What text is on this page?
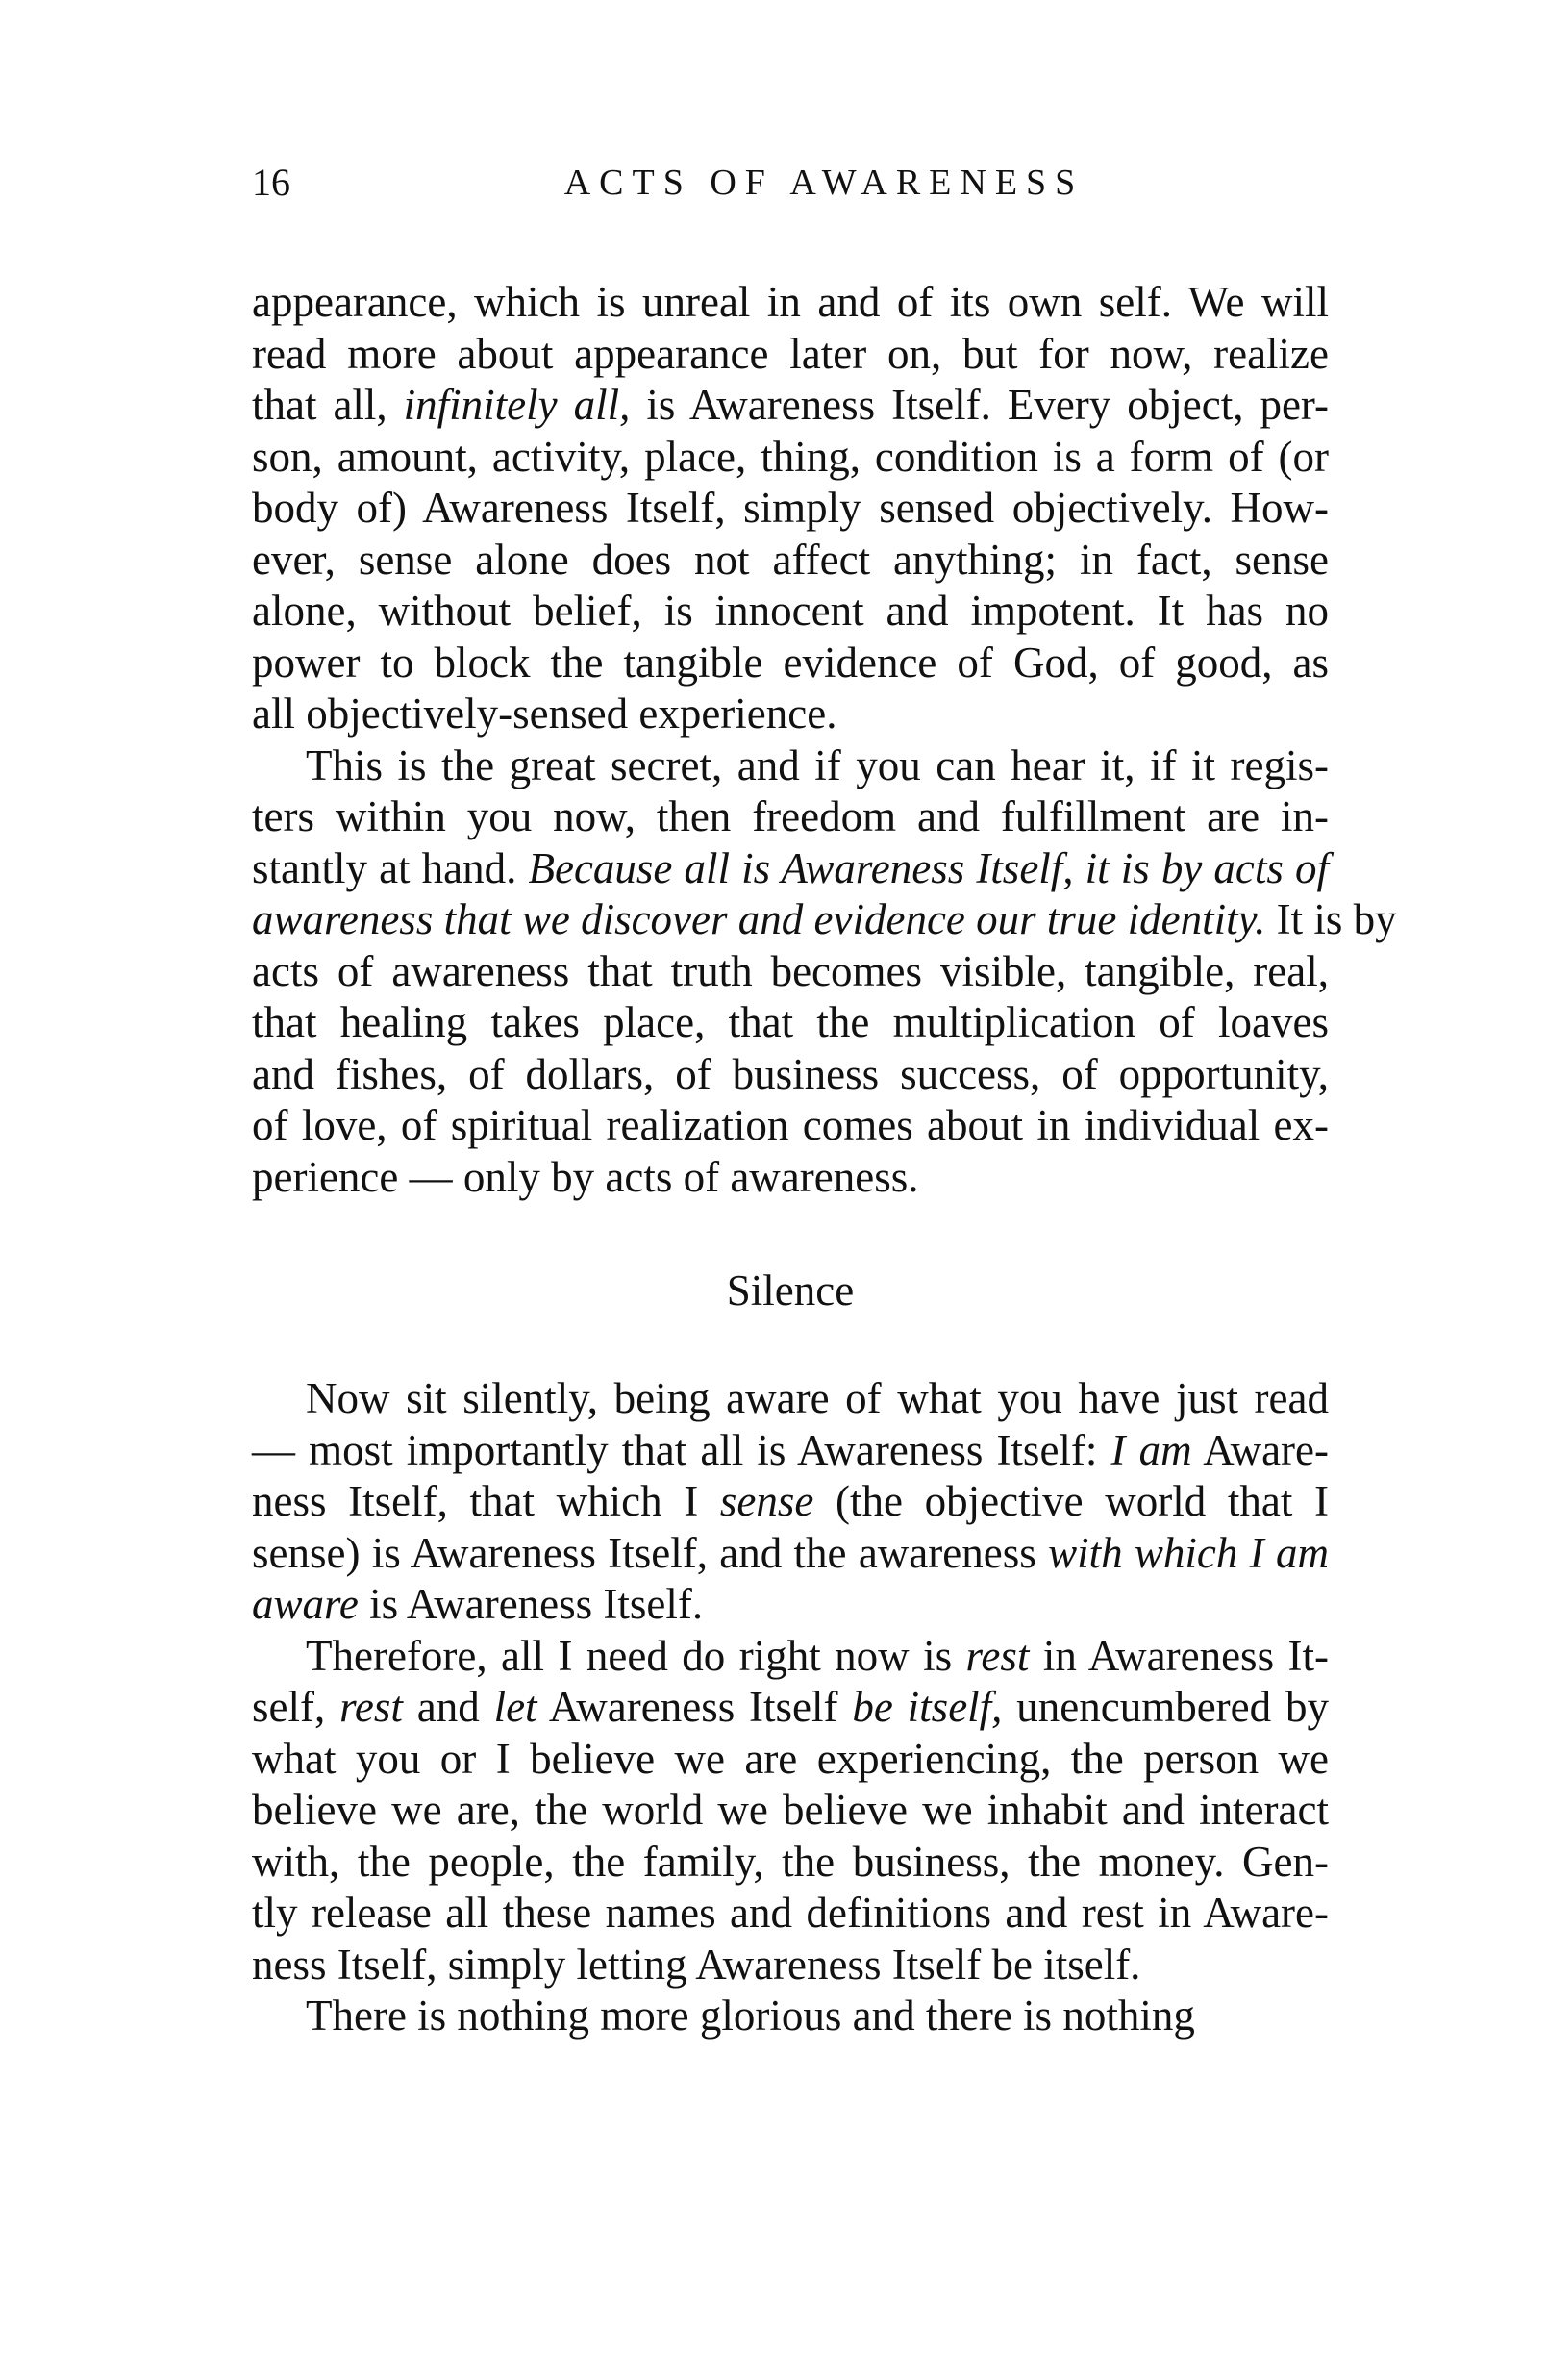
16	ACTS OF AWARENESS
appearance, which is unreal in and of its own self. We will
read more about appearance later on, but for now, realize
that all, infinitely all, is Awareness Itself. Every object, per-
son, amount, activity, place, thing, condition is a form of (or
body of) Awareness Itself, simply sensed objectively. How-
ever, sense alone does not affect anything; in fact, sense
alone, without belief, is innocent and impotent. It has no
power to block the tangible evidence of God, of good, as
all objectively-sensed experience.
This is the great secret, and if you can hear it, if it regis-
ters within you now, then freedom and fulfillment are in-
stantly at hand. Because all is Awareness Itself, it is by acts of
awareness that we discover and evidence our true identity. It is by
acts of awareness that truth becomes visible, tangible, real,
that healing takes place, that the multiplication of loaves
and fishes, of dollars, of business success, of opportunity,
of love, of spiritual realization comes about in individual ex-
perience — only by acts of awareness.
Silence
Now sit silently, being aware of what you have just read
— most importantly that all is Awareness Itself: I am Aware-
ness Itself, that which I sense (the objective world that I
sense) is Awareness Itself, and the awareness with which I am
aware is Awareness Itself.
Therefore, all I need do right now is rest in Awareness It-
self, rest and let Awareness Itself be itself, unencumbered by
what you or I believe we are experiencing, the person we
believe we are, the world we believe we inhabit and interact
with, the people, the family, the business, the money. Gen-
tly release all these names and definitions and rest in Aware-
ness Itself, simply letting Awareness Itself be itself.
There is nothing more glorious and there is nothing
